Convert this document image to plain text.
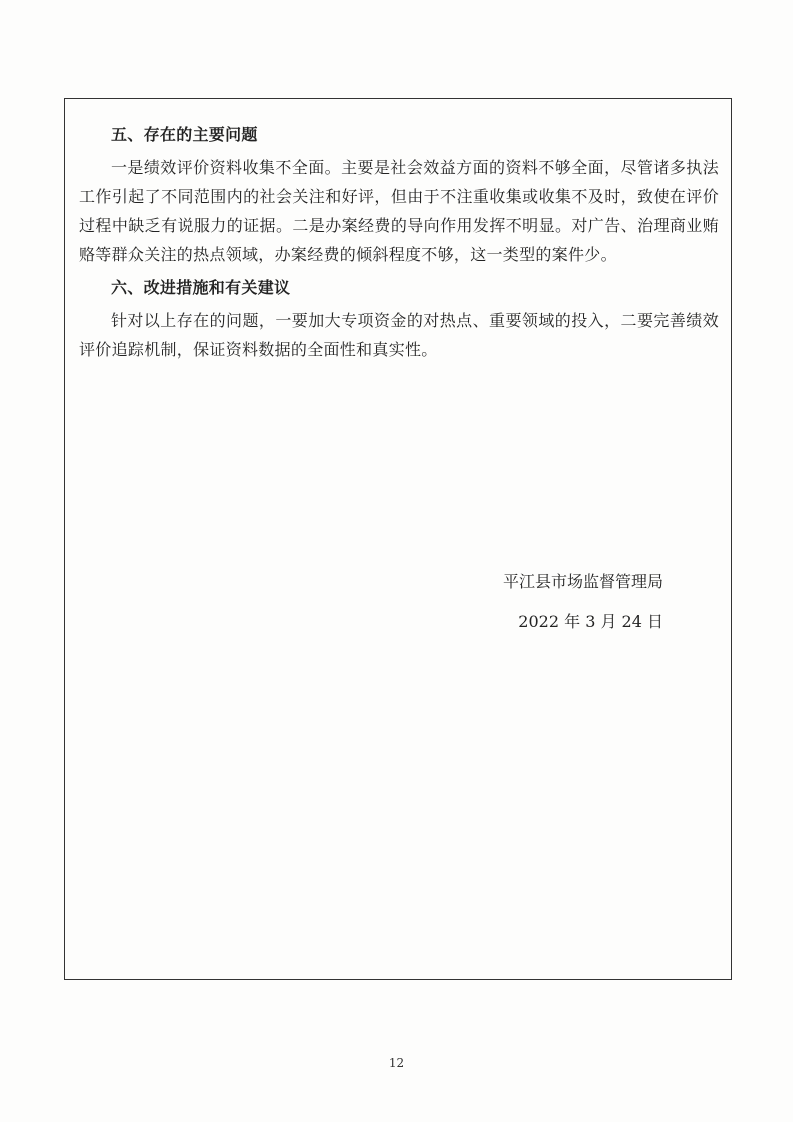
五、存在的主要问题

一是绩效评价资料收集不全面。主要是社会效益方面的资料不够全面，尽管诸多执法工作引起了不同范围内的社会关注和好评，但由于不注重收集或收集不及时，致使在评价过程中缺乏有说服力的证据。二是办案经费的导向作用发挥不明显。对广告、治理商业贿赂等群众关注的热点领域，办案经费的倾斜程度不够，这一类型的案件少。

六、改进措施和有关建议

针对以上存在的问题，一要加大专项资金的对热点、重要领域的投入，二要完善绩效评价追踪机制，保证资料数据的全面性和真实性。

平江县市场监督管理局
2022 年 3 月 24 日
12
